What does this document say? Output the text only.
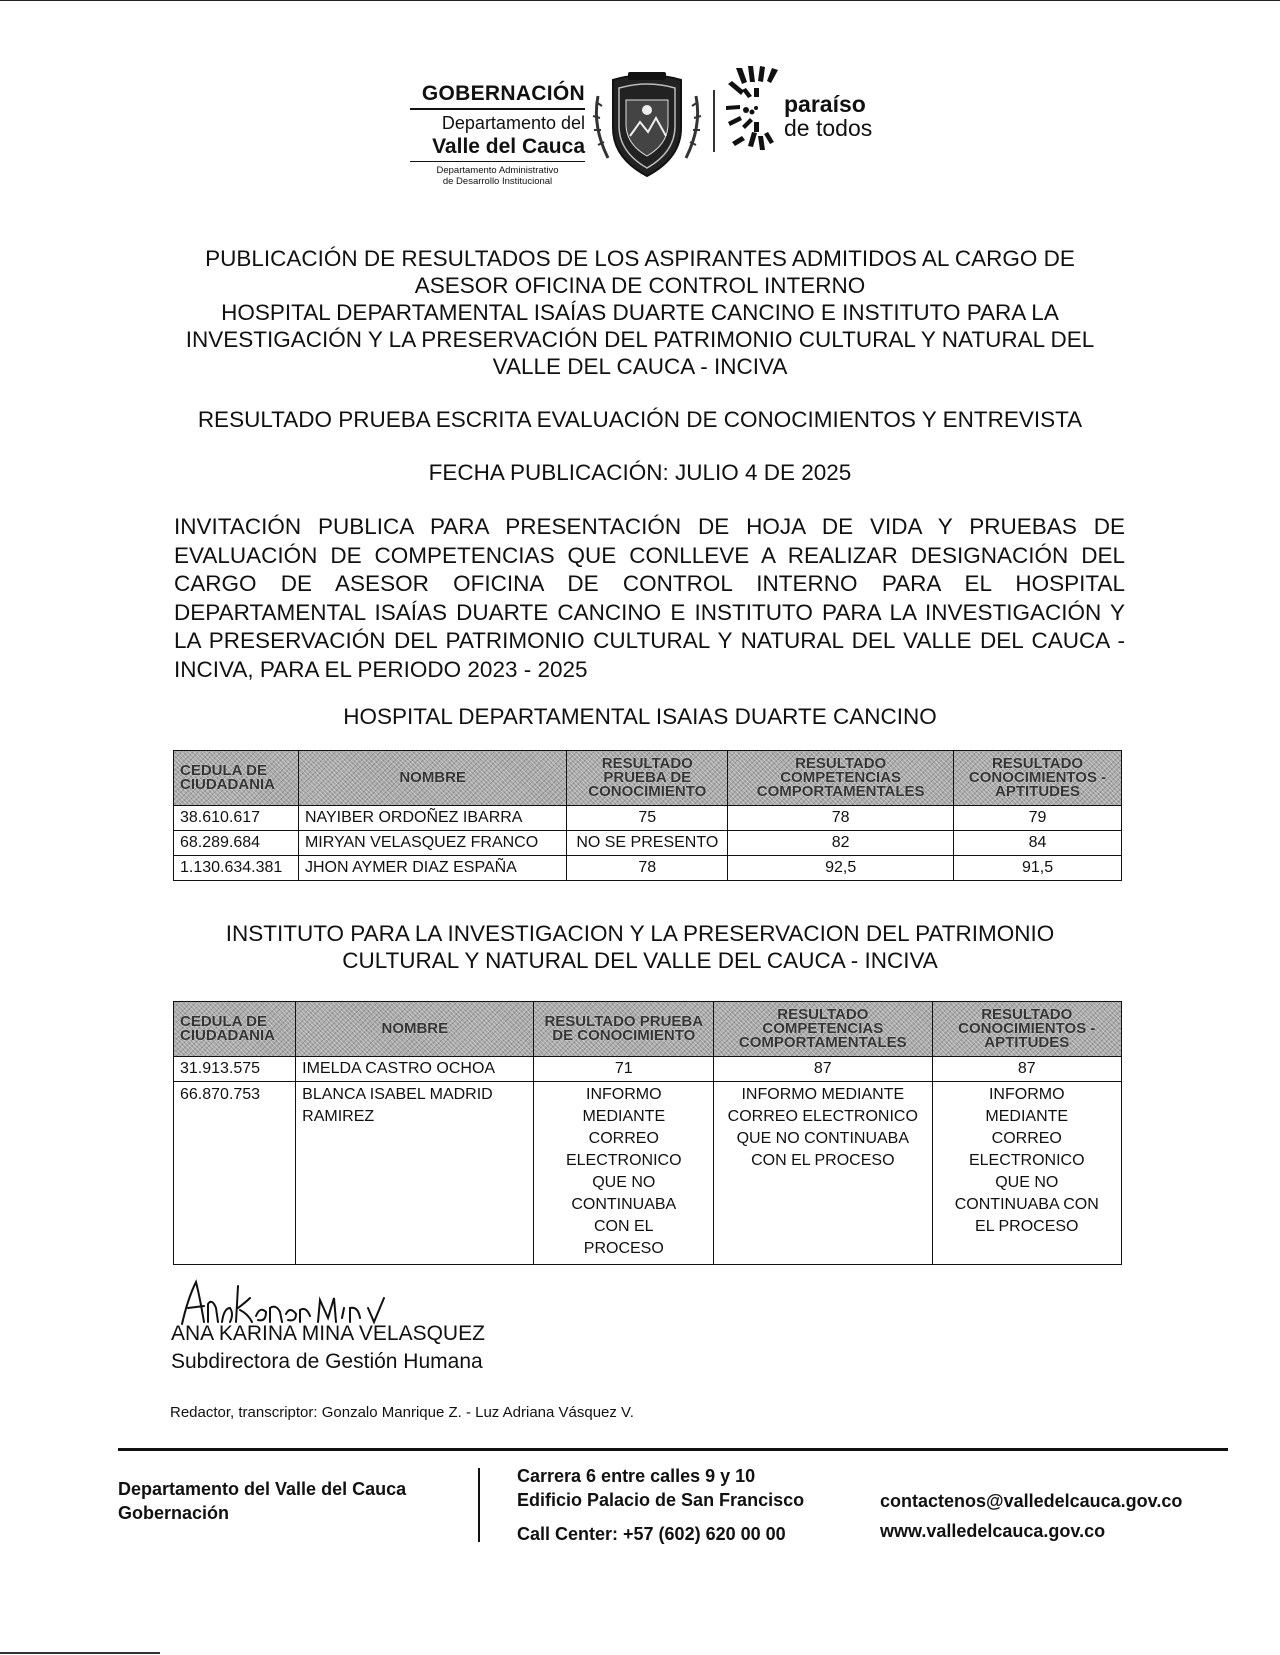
GOBERNACIÓN
Departamento del
Valle del Cauca
Departamento Administrativo
de Desarrollo Institucional
paraíso
de todos
PUBLICACIÓN DE RESULTADOS DE LOS ASPIRANTES ADMITIDOS AL CARGO DE
ASESOR OFICINA DE CONTROL INTERNO
HOSPITAL DEPARTAMENTAL ISAÍAS DUARTE CANCINO E INSTITUTO PARA LA
INVESTIGACIÓN Y LA PRESERVACIÓN DEL PATRIMONIO CULTURAL Y NATURAL DEL
VALLE DEL CAUCA - INCIVA
RESULTADO PRUEBA ESCRITA EVALUACIÓN DE CONOCIMIENTOS Y ENTREVISTA
FECHA PUBLICACIÓN: JULIO 4 DE 2025
INVITACIÓN PUBLICA PARA PRESENTACIÓN DE HOJA DE VIDA Y PRUEBAS DE EVALUACIÓN DE COMPETENCIAS QUE CONLLEVE A REALIZAR DESIGNACIÓN DEL CARGO DE ASESOR OFICINA DE CONTROL INTERNO PARA EL HOSPITAL DEPARTAMENTAL ISAÍAS DUARTE CANCINO E INSTITUTO PARA LA INVESTIGACIÓN Y LA PRESERVACIÓN DEL PATRIMONIO CULTURAL Y NATURAL DEL VALLE DEL CAUCA - INCIVA, PARA EL PERIODO 2023 - 2025
HOSPITAL DEPARTAMENTAL ISAIAS DUARTE CANCINO
CEDULA DE CIUDADANIA	NOMBRE	RESULTADO PRUEBA DE CONOCIMIENTO	RESULTADO COMPETENCIAS COMPORTAMENTALES	RESULTADO CONOCIMIENTOS - APTITUDES
38.610.617	NAYIBER ORDOÑEZ IBARRA	75	78	79
68.289.684	MIRYAN VELASQUEZ FRANCO	NO SE PRESENTO	82	84
1.130.634.381	JHON AYMER DIAZ ESPAÑA	78	92,5	91,5
INSTITUTO PARA LA INVESTIGACION Y LA PRESERVACION DEL PATRIMONIO
CULTURAL Y NATURAL DEL VALLE DEL CAUCA - INCIVA
CEDULA DE CIUDADANIA	NOMBRE	RESULTADO PRUEBA DE CONOCIMIENTO	RESULTADO COMPETENCIAS COMPORTAMENTALES	RESULTADO CONOCIMIENTOS - APTITUDES
31.913.575	IMELDA CASTRO OCHOA	71	87	87
66.870.753	BLANCA ISABEL MADRID RAMIREZ	INFORMO MEDIANTE CORREO ELECTRONICO QUE NO CONTINUABA CON EL PROCESO	INFORMO MEDIANTE CORREO ELECTRONICO QUE NO CONTINUABA CON EL PROCESO	INFORMO MEDIANTE CORREO ELECTRONICO QUE NO CONTINUABA CON EL PROCESO
ANA KARINA MINA VELASQUEZ
Subdirectora de Gestión Humana
Redactor, transcriptor: Gonzalo Manrique Z. - Luz Adriana Vásquez V.
Departamento del Valle del Cauca
Gobernación
Carrera 6 entre calles 9 y 10
Edificio Palacio de San Francisco
Call Center: +57 (602) 620 00 00
contactenos@valledelcauca.gov.co
www.valledelcauca.gov.co
